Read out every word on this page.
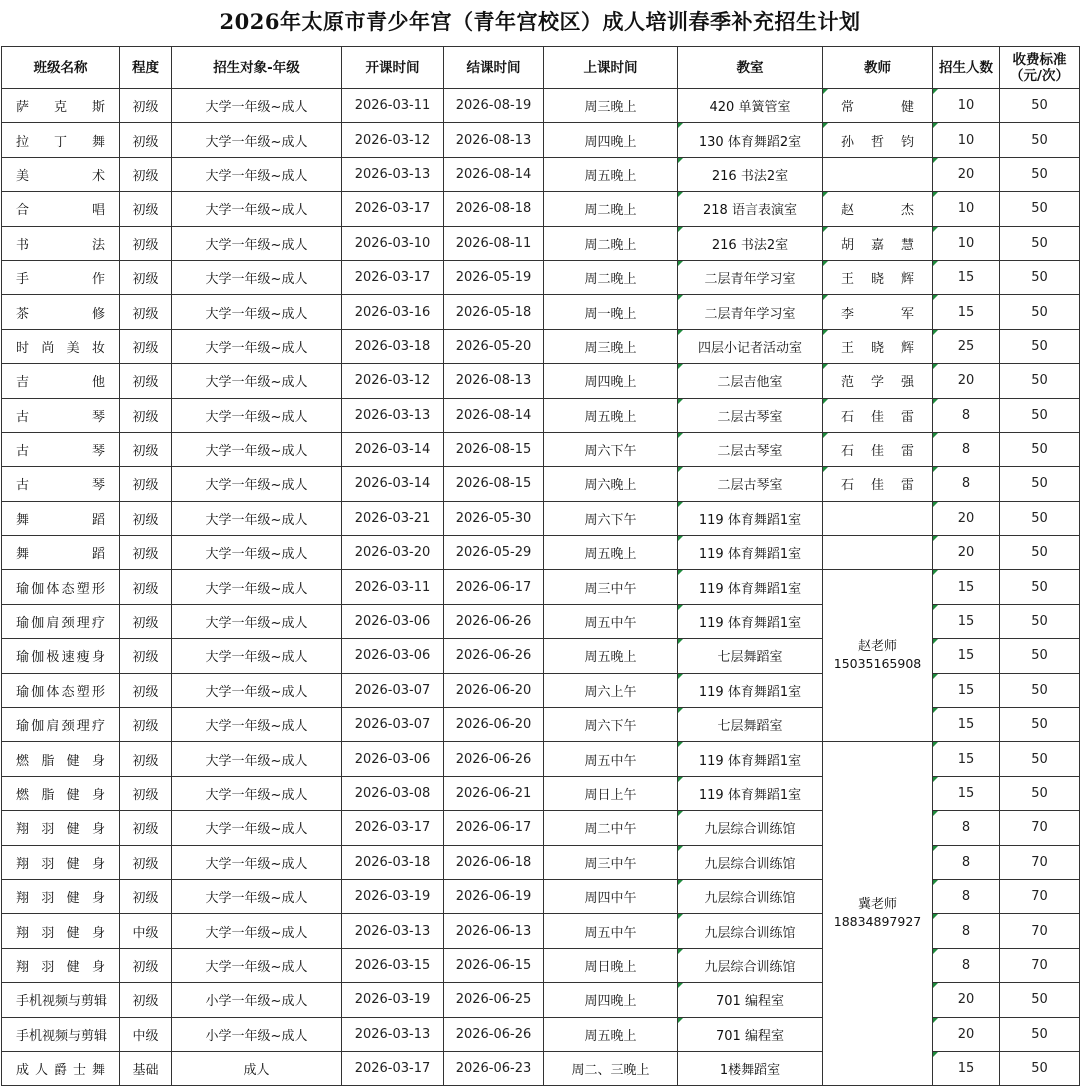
2026年太原市青少年宫（青年宫校区）成人培训春季补充招生计划
班级名称	程度	招生对象-年级	开课时间	结课时间	上课时间	教室	教师	招生人数	收费标准
（元/次）
萨克斯	初级	大学一年级~成人	2026-03-11	2026-08-19	周三晚上	420 单簧管室	常　健	10	50
拉丁舞	初级	大学一年级~成人	2026-03-12	2026-08-13	周四晚上	130 体育舞蹈2室	孙哲钧	10	50
美术	初级	大学一年级~成人	2026-03-13	2026-08-14	周五晚上	216 书法2室		20	50
合唱	初级	大学一年级~成人	2026-03-17	2026-08-18	周二晚上	218 语言表演室	赵　杰	10	50
书法	初级	大学一年级~成人	2026-03-10	2026-08-11	周二晚上	216 书法2室	胡嘉慧	10	50
手作	初级	大学一年级~成人	2026-03-17	2026-05-19	周二晚上	二层青年学习室	王晓辉	15	50
茶修	初级	大学一年级~成人	2026-03-16	2026-05-18	周一晚上	二层青年学习室	李　军	15	50
时尚美妆	初级	大学一年级~成人	2026-03-18	2026-05-20	周三晚上	四层小记者活动室	王晓辉	25	50
吉他	初级	大学一年级~成人	2026-03-12	2026-08-13	周四晚上	二层吉他室	范学强	20	50
古琴	初级	大学一年级~成人	2026-03-13	2026-08-14	周五晚上	二层古琴室	石佳雷	8	50
古琴	初级	大学一年级~成人	2026-03-14	2026-08-15	周六下午	二层古琴室	石佳雷	8	50
古琴	初级	大学一年级~成人	2026-03-14	2026-08-15	周六晚上	二层古琴室	石佳雷	8	50
舞蹈	初级	大学一年级~成人	2026-03-21	2026-05-30	周六下午	119 体育舞蹈1室		20	50
舞蹈	初级	大学一年级~成人	2026-03-20	2026-05-29	周五晚上	119 体育舞蹈1室		20	50
瑜伽体态塑形	初级	大学一年级~成人	2026-03-11	2026-06-17	周三中午	119 体育舞蹈1室	赵老师
15035165908	15	50
瑜伽肩颈理疗	初级	大学一年级~成人	2026-03-06	2026-06-26	周五中午	119 体育舞蹈1室		15	50
瑜伽极速瘦身	初级	大学一年级~成人	2026-03-06	2026-06-26	周五晚上	七层舞蹈室		15	50
瑜伽体态塑形	初级	大学一年级~成人	2026-03-07	2026-06-20	周六上午	119 体育舞蹈1室		15	50
瑜伽肩颈理疗	初级	大学一年级~成人	2026-03-07	2026-06-20	周六下午	七层舞蹈室		15	50
燃脂健身	初级	大学一年级~成人	2026-03-06	2026-06-26	周五中午	119 体育舞蹈1室	冀老师
18834897927	15	50
燃脂健身	初级	大学一年级~成人	2026-03-08	2026-06-21	周日上午	119 体育舞蹈1室		15	50
翔羽健身	初级	大学一年级~成人	2026-03-17	2026-06-17	周二中午	九层综合训练馆		8	70
翔羽健身	初级	大学一年级~成人	2026-03-18	2026-06-18	周三中午	九层综合训练馆		8	70
翔羽健身	初级	大学一年级~成人	2026-03-19	2026-06-19	周四中午	九层综合训练馆		8	70
翔羽健身	中级	大学一年级~成人	2026-03-13	2026-06-13	周五中午	九层综合训练馆		8	70
翔羽健身	初级	大学一年级~成人	2026-03-15	2026-06-15	周日晚上	九层综合训练馆		8	70
手机视频与剪辑	初级	小学一年级~成人	2026-03-19	2026-06-25	周四晚上	701 编程室		20	50
手机视频与剪辑	中级	小学一年级~成人	2026-03-13	2026-06-26	周五晚上	701 编程室		20	50
成人爵士舞	基础	成人	2026-03-17	2026-06-23	周二、三晚上	1楼舞蹈室		15	50
